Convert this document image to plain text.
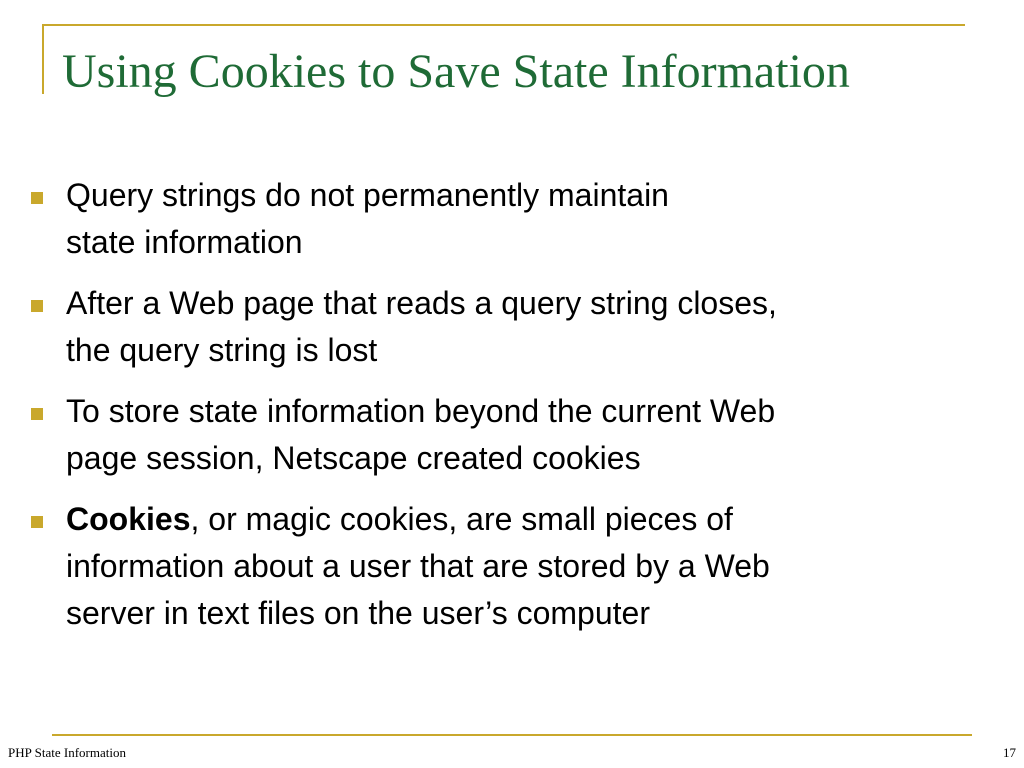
Using Cookies to Save State Information
Query strings do not permanently maintain
state information
After a Web page that reads a query string closes,
the query string is lost
To store state information beyond the current Web
page session, Netscape created cookies
Cookies, or magic cookies, are small pieces of
information about a user that are stored by a Web
server in text files on the user’s computer
PHP State Information	17
